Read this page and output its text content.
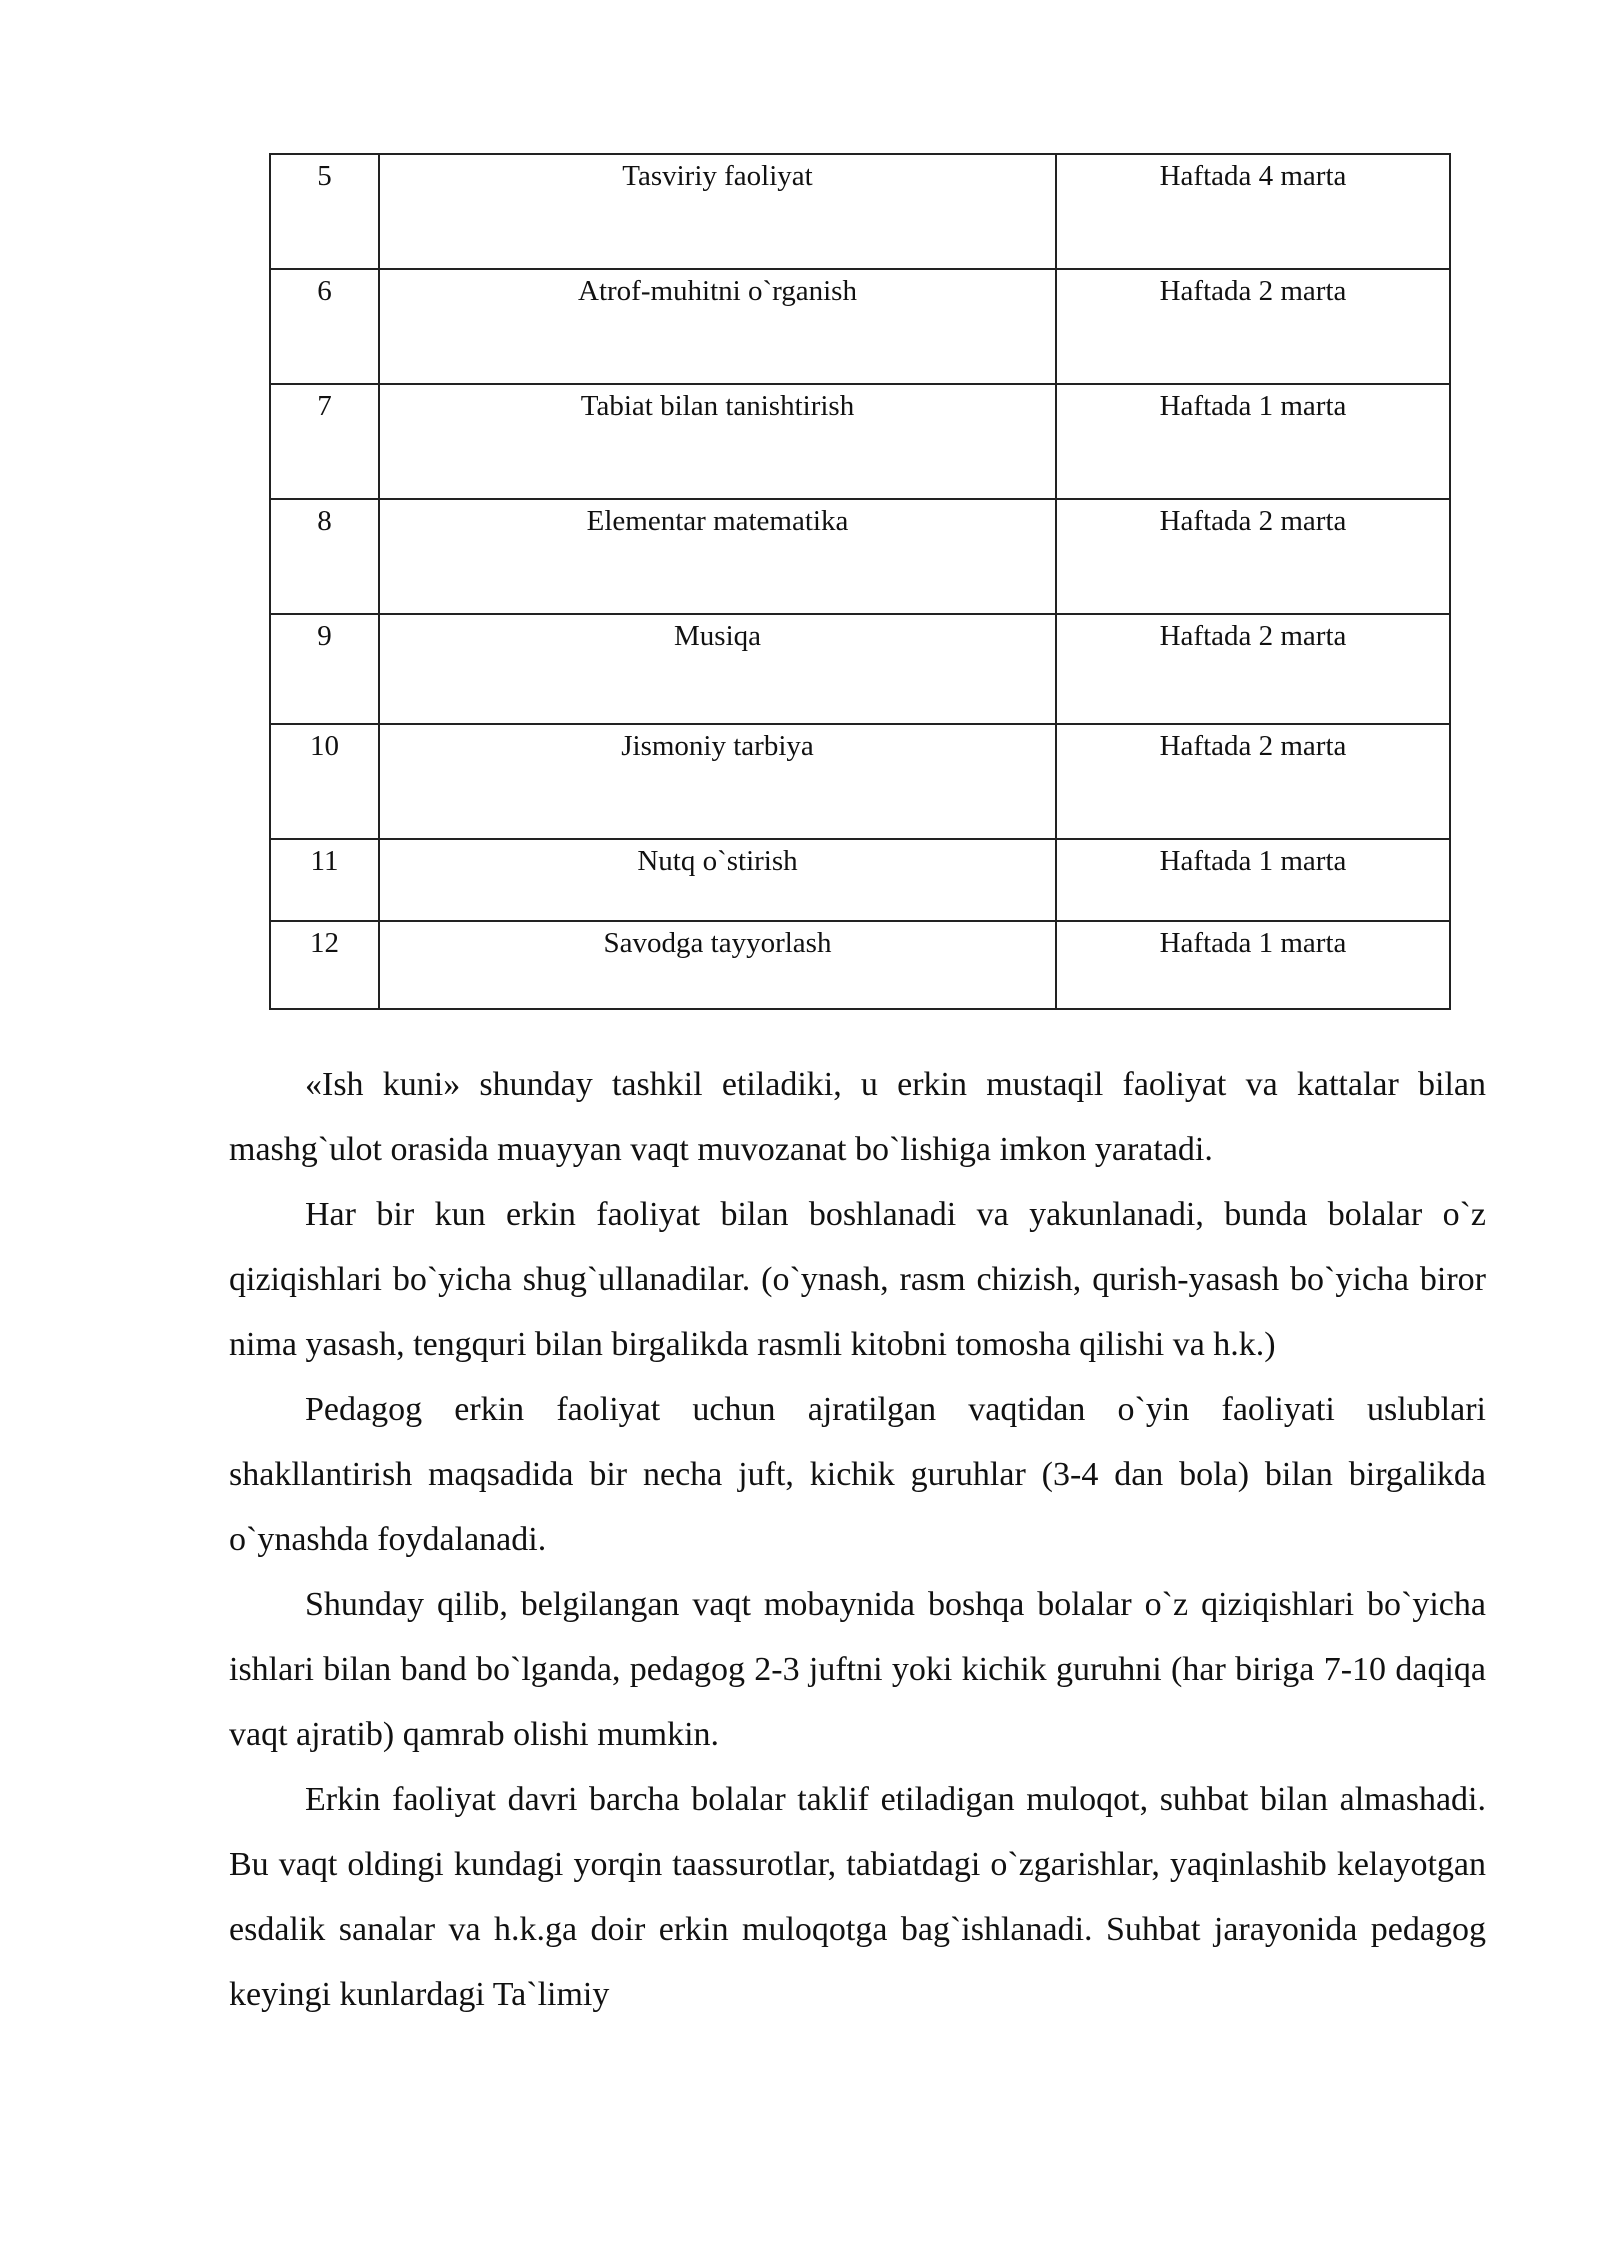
5	Tasviriy faoliyat	Haftada 4 marta
6	Atrof-muhitni o`rganish	Haftada 2 marta
7	Tabiat bilan tanishtirish	Haftada 1 marta
8	Elementar matematika	Haftada 2 marta
9	Musiqa	Haftada 2 marta
10	Jismoniy tarbiya	Haftada 2 marta
11	Nutq o`stirish	Haftada 1 marta
12	Savodga tayyorlash	Haftada 1 marta

«Ish kuni» shunday tashkil etiladiki, u erkin mustaqil faoliyat va kattalar bilan mashg`ulot orasida muayyan vaqt muvozanat bo`lishiga imkon yaratadi.

Har bir kun erkin faoliyat bilan boshlanadi va yakunlanadi, bunda bolalar o`z qiziqishlari bo`yicha shug`ullanadilar. (o`ynash, rasm chizish, qurish-yasash bo`yicha biror nima yasash, tengquri bilan birgalikda rasmli kitobni tomosha qilishi va h.k.)

Pedagog erkin faoliyat uchun ajratilgan vaqtidan o`yin faoliyati uslublari shakllantirish maqsadida bir necha juft, kichik guruhlar (3-4 dan bola) bilan birgalikda o`ynashda foydalanadi.

Shunday qilib, belgilangan vaqt mobaynida boshqa bolalar o`z qiziqishlari bo`yicha ishlari bilan band bo`lganda, pedagog 2-3 juftni yoki kichik guruhni (har biriga 7-10 daqiqa vaqt ajratib) qamrab olishi mumkin.

Erkin faoliyat davri barcha bolalar taklif etiladigan muloqot, suhbat bilan almashadi. Bu vaqt oldingi kundagi yorqin taassurotlar, tabiatdagi o`zgarishlar, yaqinlashib kelayotgan esdalik sanalar va h.k.ga doir erkin muloqotga bag`ishlanadi. Suhbat jarayonida pedagog keyingi kunlardagi Ta`limiy
